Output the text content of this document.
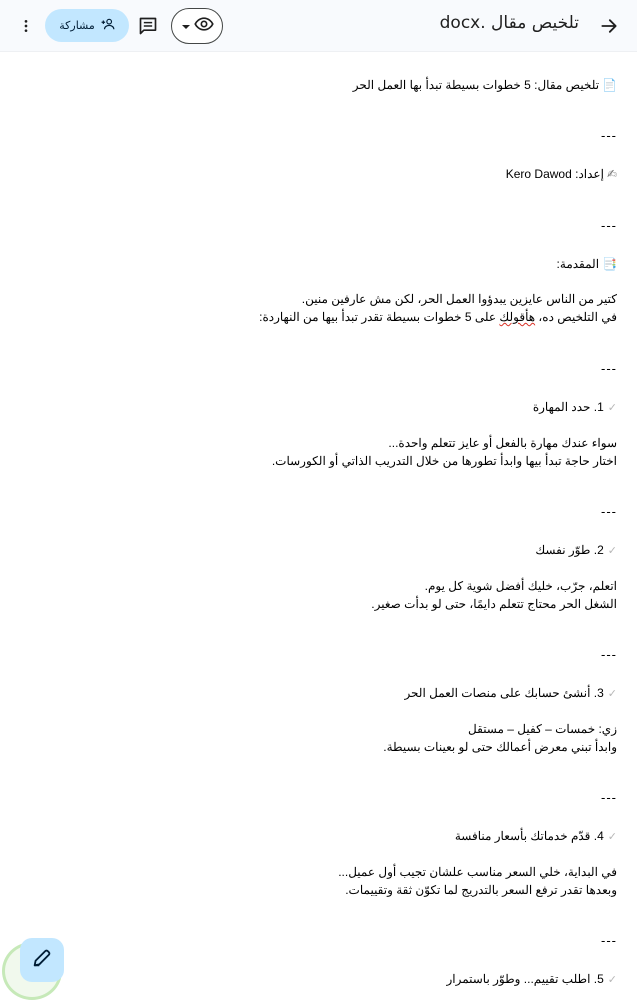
تلخيص مقال .docx
مشاركة
📄تلخيص مقال: 5 خطوات بسيطة تبدأ بها العمل الحر
---
✍إعداد: Kero Dawod
---
📑المقدمة:
كتير من الناس عايزين يبدؤوا العمل الحر، لكن مش عارفين منين.
في التلخيص ده، هأقولك على 5 خطوات بسيطة تقدر تبدأ بيها من النهاردة:
---
✓1. حدد المهارة
سواء عندك مهارة بالفعل أو عايز تتعلم واحدة...
اختار حاجة تبدأ بيها وابدأ تطورها من خلال التدريب الذاتي أو الكورسات.
---
✓2. طوّر نفسك
اتعلم، جرّب، خليك أفضل شوية كل يوم.
الشغل الحر محتاج تتعلم دايمًا، حتى لو بدأت صغير.
---
✓3. أنشئ حسابك على منصات العمل الحر
زي: خمسات – كفيل – مستقل
وابدأ تبني معرض أعمالك حتى لو بعينات بسيطة.
---
✓4. قدّم خدماتك بأسعار منافسة
في البداية، خلي السعر مناسب علشان تجيب أول عميل...
وبعدها تقدر ترفع السعر بالتدريج لما تكوّن ثقة وتقييمات.
---
✓5. اطلب تقييم... وطوّر باستمرار
